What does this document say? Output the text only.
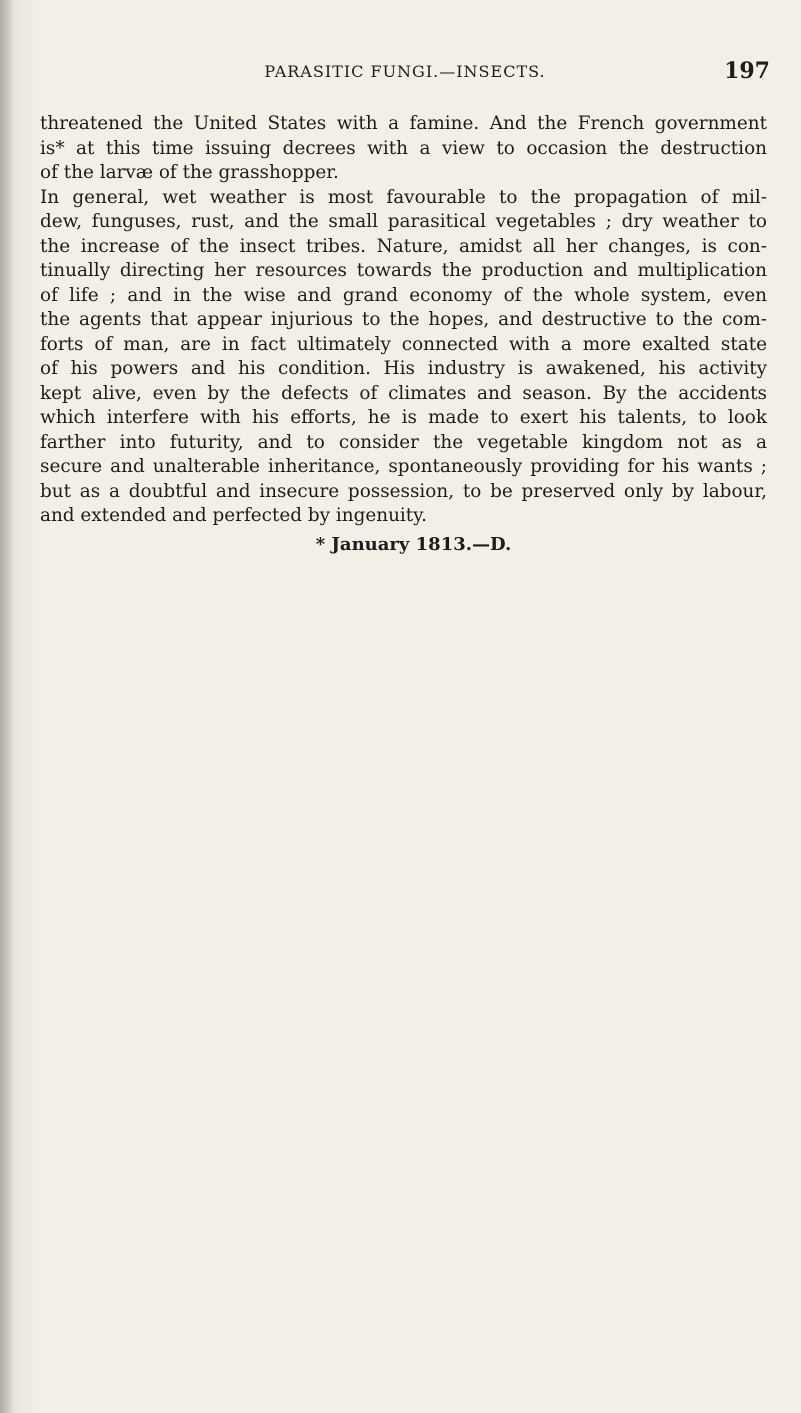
PARASITIC FUNGI.—INSECTS.	197
threatened the United States with a famine. And the French government
is* at this time issuing decrees with a view to occasion the destruction
of the larvæ of the grasshopper.
In general, wet weather is most favourable to the propagation of mil-
dew, funguses, rust, and the small parasitical vegetables ; dry weather to
the increase of the insect tribes. Nature, amidst all her changes, is con-
tinually directing her resources towards the production and multiplication
of life ; and in the wise and grand economy of the whole system, even
the agents that appear injurious to the hopes, and destructive to the com-
forts of man, are in fact ultimately connected with a more exalted state
of his powers and his condition. His industry is awakened, his activity
kept alive, even by the defects of climates and season. By the accidents
which interfere with his efforts, he is made to exert his talents, to look
farther into futurity, and to consider the vegetable kingdom not as a
secure and unalterable inheritance, spontaneously providing for his wants ;
but as a doubtful and insecure possession, to be preserved only by labour,
and extended and perfected by ingenuity.
* January 1813.—D.
